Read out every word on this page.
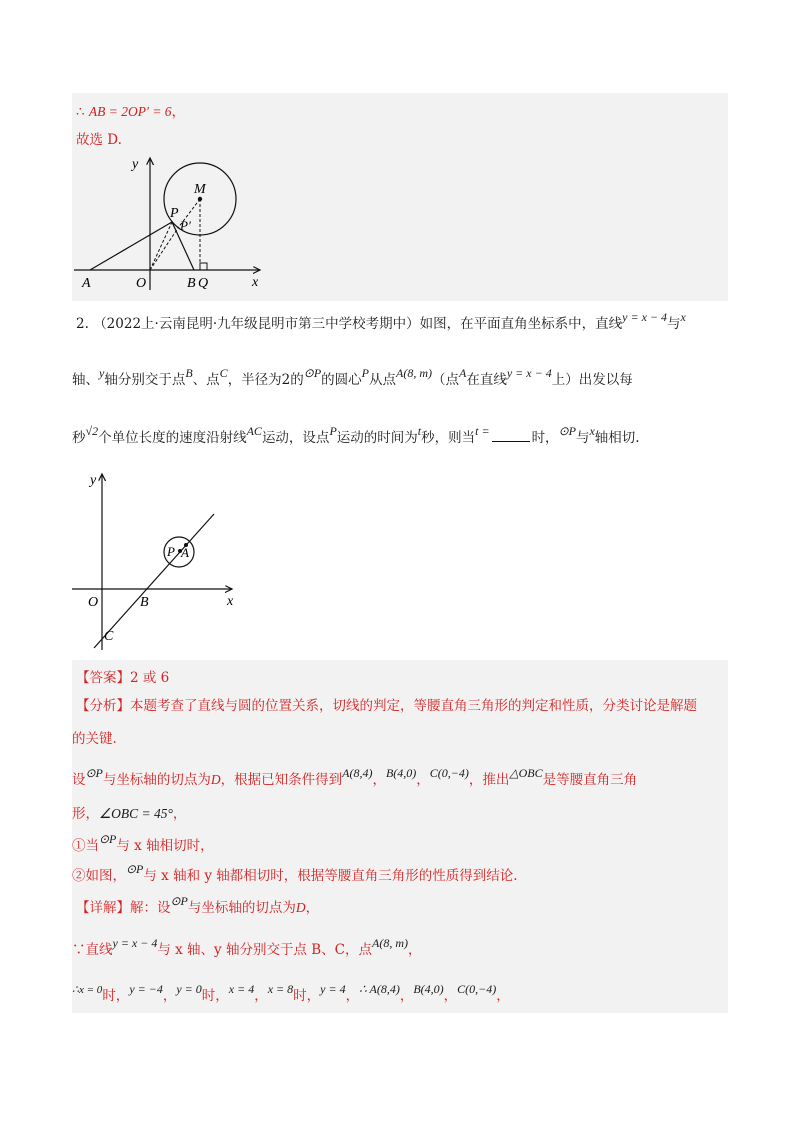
∴ AB = 2OP′ = 6，
故选 D.
y
x
O
A	B Q
P
P′
M
2. （2022上·云南昆明·九年级昆明市第三中学校考期中）如图，在平面直角坐标系中，直线y = x − 4与x
轴、y轴分别交于点B、点C，半径为2的⊙P的圆心P从点A(8, m)（点A在直线y = x − 4上）出发以每
秒√2个单位长度的速度沿射线AC运动，设点P运动的时间为t秒，则当t =	时，⊙P与x轴相切.
y
x
O	B
C
P A
【答案】2 或 6
【分析】本题考查了直线与圆的位置关系，切线的判定，等腰直角三角形的判定和性质，分类讨论是解题
的关键.
设⊙P与坐标轴的切点为D，根据已知条件得到A(8,4)，B(4,0)，C(0,−4)，推出△OBC是等腰直角三角
形，∠OBC = 45°，
①当⊙P与 x 轴相切时，
②如图，⊙P与 x 轴和 y 轴都相切时，根据等腰直角三角形的性质得到结论.
【详解】解：设⊙P与坐标轴的切点为D，
∵直线y = x − 4与 x 轴、y 轴分别交于点 B、C，点A(8, m)，
$^{\therefore x = 0}$时，y = −4，y = 0时，x = 4，x = 8时，y = 4，∴ A(8,4)，B(4,0)，C(0,−4)，
